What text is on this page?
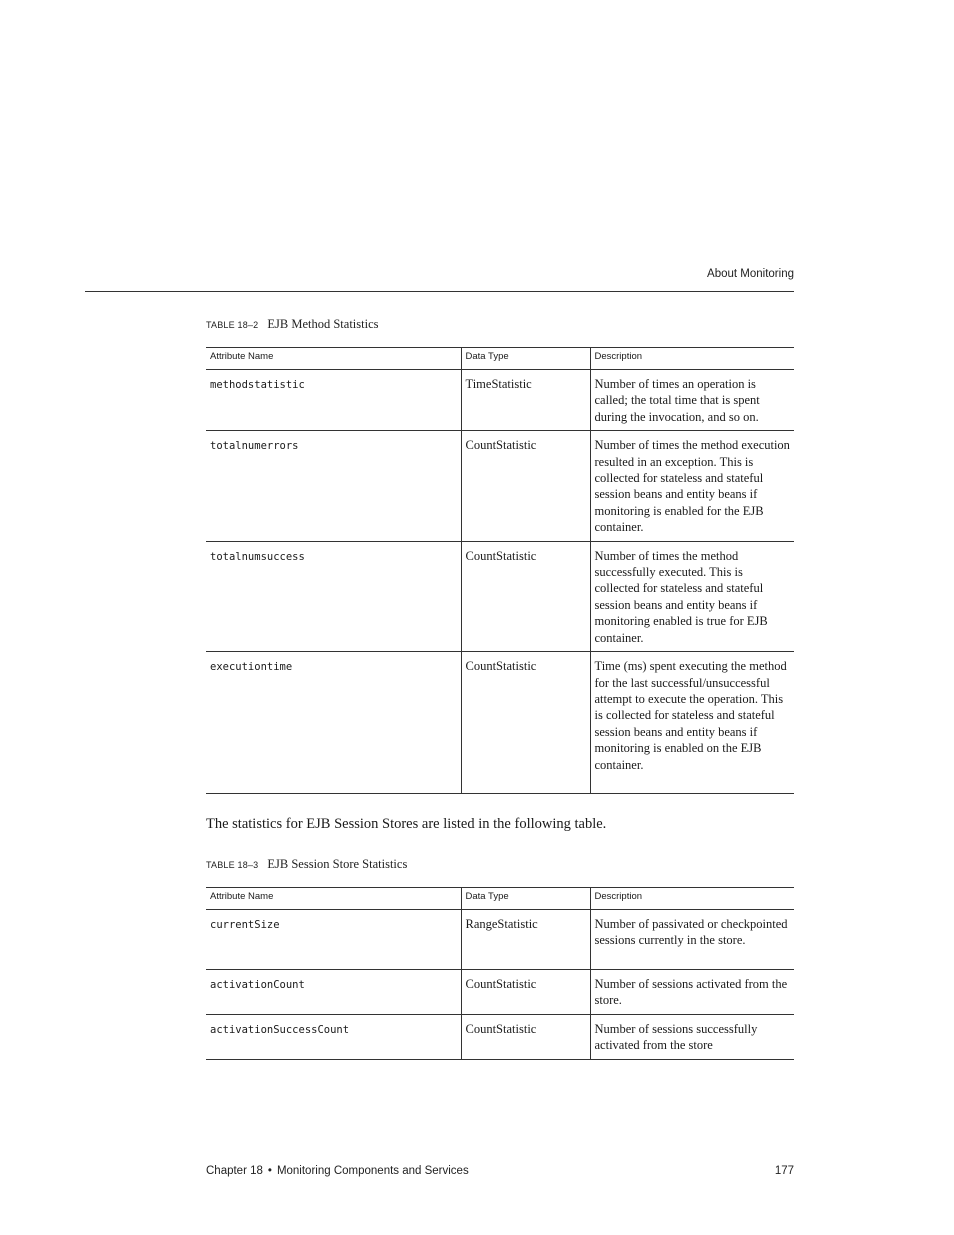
About Monitoring
TABLE 18–2 EJB Method Statistics
Attribute Name	Data Type	Description
methodstatistic	TimeStatistic	Number of times an operation is called; the total time that is spent during the invocation, and so on.
totalnumerrors	CountStatistic	Number of times the method execution resulted in an exception. This is collected for stateless and stateful session beans and entity beans if monitoring is enabled for the EJB container.
totalnumsuccess	CountStatistic	Number of times the method successfully executed. This is collected for stateless and stateful session beans and entity beans if monitoring enabled is true for EJB container.
executiontime	CountStatistic	Time (ms) spent executing the method for the last successful/unsuccessful attempt to execute the operation. This is collected for stateless and stateful session beans and entity beans if monitoring is enabled on the EJB container.
The statistics for EJB Session Stores are listed in the following table.
TABLE 18–3 EJB Session Store Statistics
Attribute Name	Data Type	Description
currentSize	RangeStatistic	Number of passivated or checkpointed sessions currently in the store.
activationCount	CountStatistic	Number of sessions activated from the store.
activationSuccessCount	CountStatistic	Number of sessions successfully activated from the store
Chapter 18 • Monitoring Components and Services	177
